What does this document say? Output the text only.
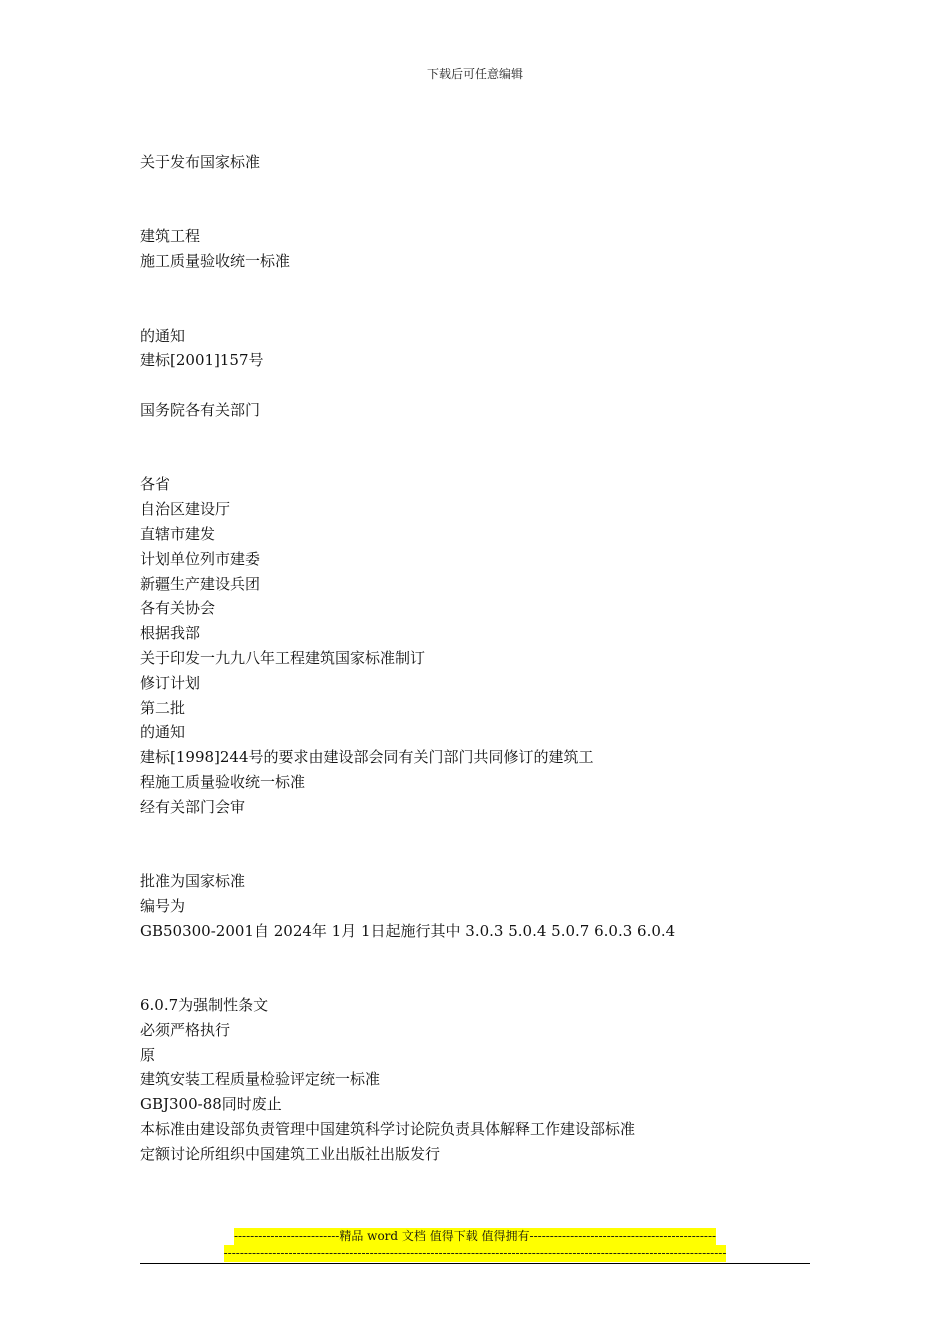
下载后可任意编辑
关于发布国家标准
建筑工程
施工质量验收统一标准
的通知
建标[2001]157号
国务院各有关部门
各省
自治区建设厅
直辖市建发
计划单位列市建委
新疆生产建设兵团
各有关协会
根据我部
关于印发一九九八年工程建筑国家标准制订
修订计划
第二批
的通知
建标[1998]244号的要求由建设部会同有关门部门共同修订的建筑工
程施工质量验收统一标准
经有关部门会审
批准为国家标准
编号为
GB50300-2001自 2024年 1月 1日起施行其中 3.0.3 5.0.4 5.0.7 6.0.3 6.0.4
6.0.7为强制性条文
必须严格执行
原
建筑安装工程质量检验评定统一标准
GBJ300-88同时废止
本标准由建设部负责管理中国建筑科学讨论院负责具体解释工作建设部标准
定额讨论所组织中国建筑工业出版社出版发行
--------------------------精品 word 文档 值得下载 值得拥有----------------------------------------------
----------------------------------------------------------------------------------------------------------------------------
